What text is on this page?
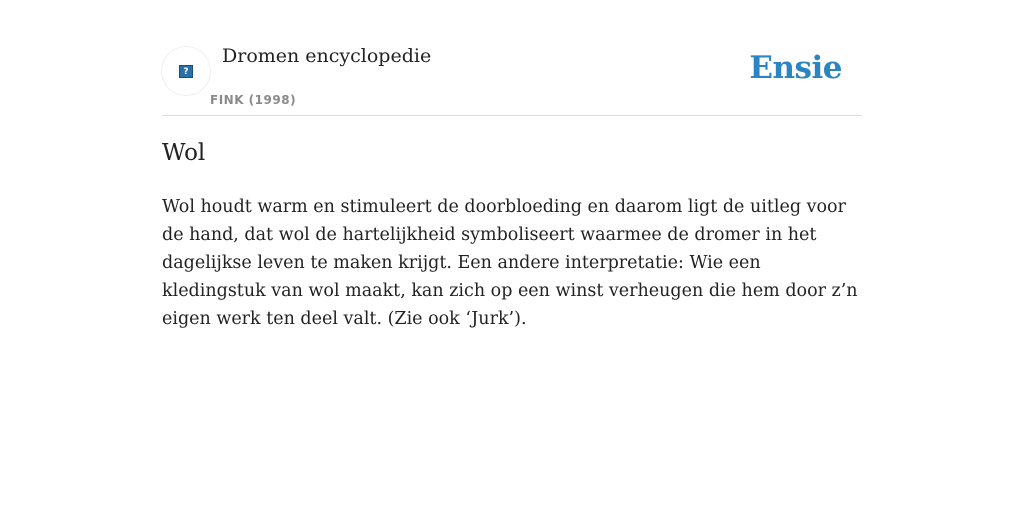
?
Dromen encyclopedie
FINK (1998)
Ensie
Wol

Wol houdt warm en stimuleert de doorbloeding en daarom ligt de uitleg voor de hand, dat wol de hartelijkheid symboliseert waarmee de dromer in het dagelijkse leven te maken krijgt. Een andere interpretatie: Wie een kledingstuk van wol maakt, kan zich op een winst verheugen die hem door z’n eigen werk ten deel valt. (Zie ook ‘Jurk’).
